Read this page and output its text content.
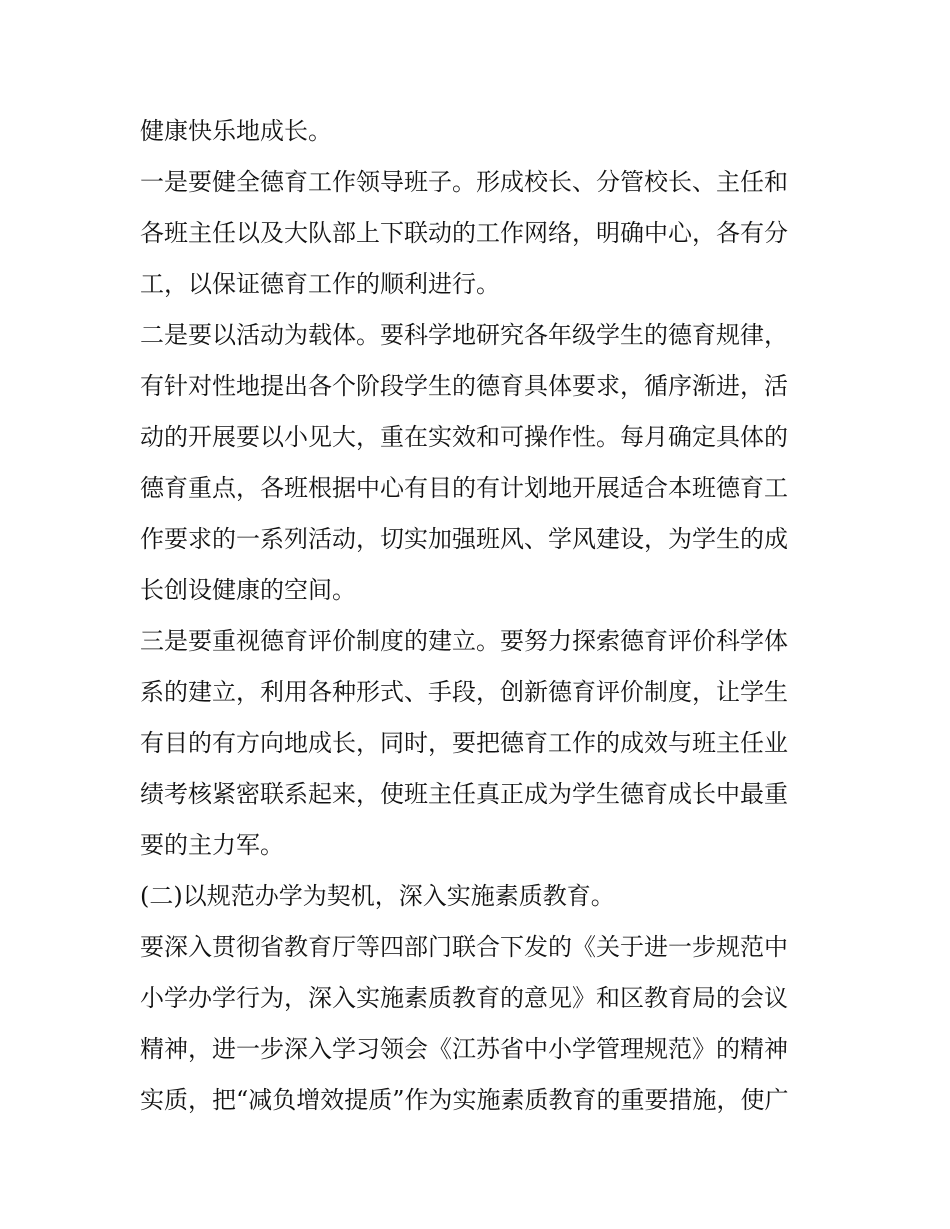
健康快乐地成长。
一是要健全德育工作领导班子。形成校长、分管校长、主任和
各班主任以及大队部上下联动的工作网络，明确中心，各有分
工，以保证德育工作的顺利进行。
二是要以活动为载体。要科学地研究各年级学生的德育规律，
有针对性地提出各个阶段学生的德育具体要求，循序渐进，活
动的开展要以小见大，重在实效和可操作性。每月确定具体的
德育重点，各班根据中心有目的有计划地开展适合本班德育工
作要求的一系列活动，切实加强班风、学风建设，为学生的成
长创设健康的空间。
三是要重视德育评价制度的建立。要努力探索德育评价科学体
系的建立，利用各种形式、手段，创新德育评价制度，让学生
有目的有方向地成长，同时，要把德育工作的成效与班主任业
绩考核紧密联系起来，使班主任真正成为学生德育成长中最重
要的主力军。
(二)以规范办学为契机，深入实施素质教育。
要深入贯彻省教育厅等四部门联合下发的《关于进一步规范中
小学办学行为，深入实施素质教育的意见》和区教育局的会议
精神，进一步深入学习领会《江苏省中小学管理规范》的精神
实质，把“减负增效提质”作为实施素质教育的重要措施，使广
